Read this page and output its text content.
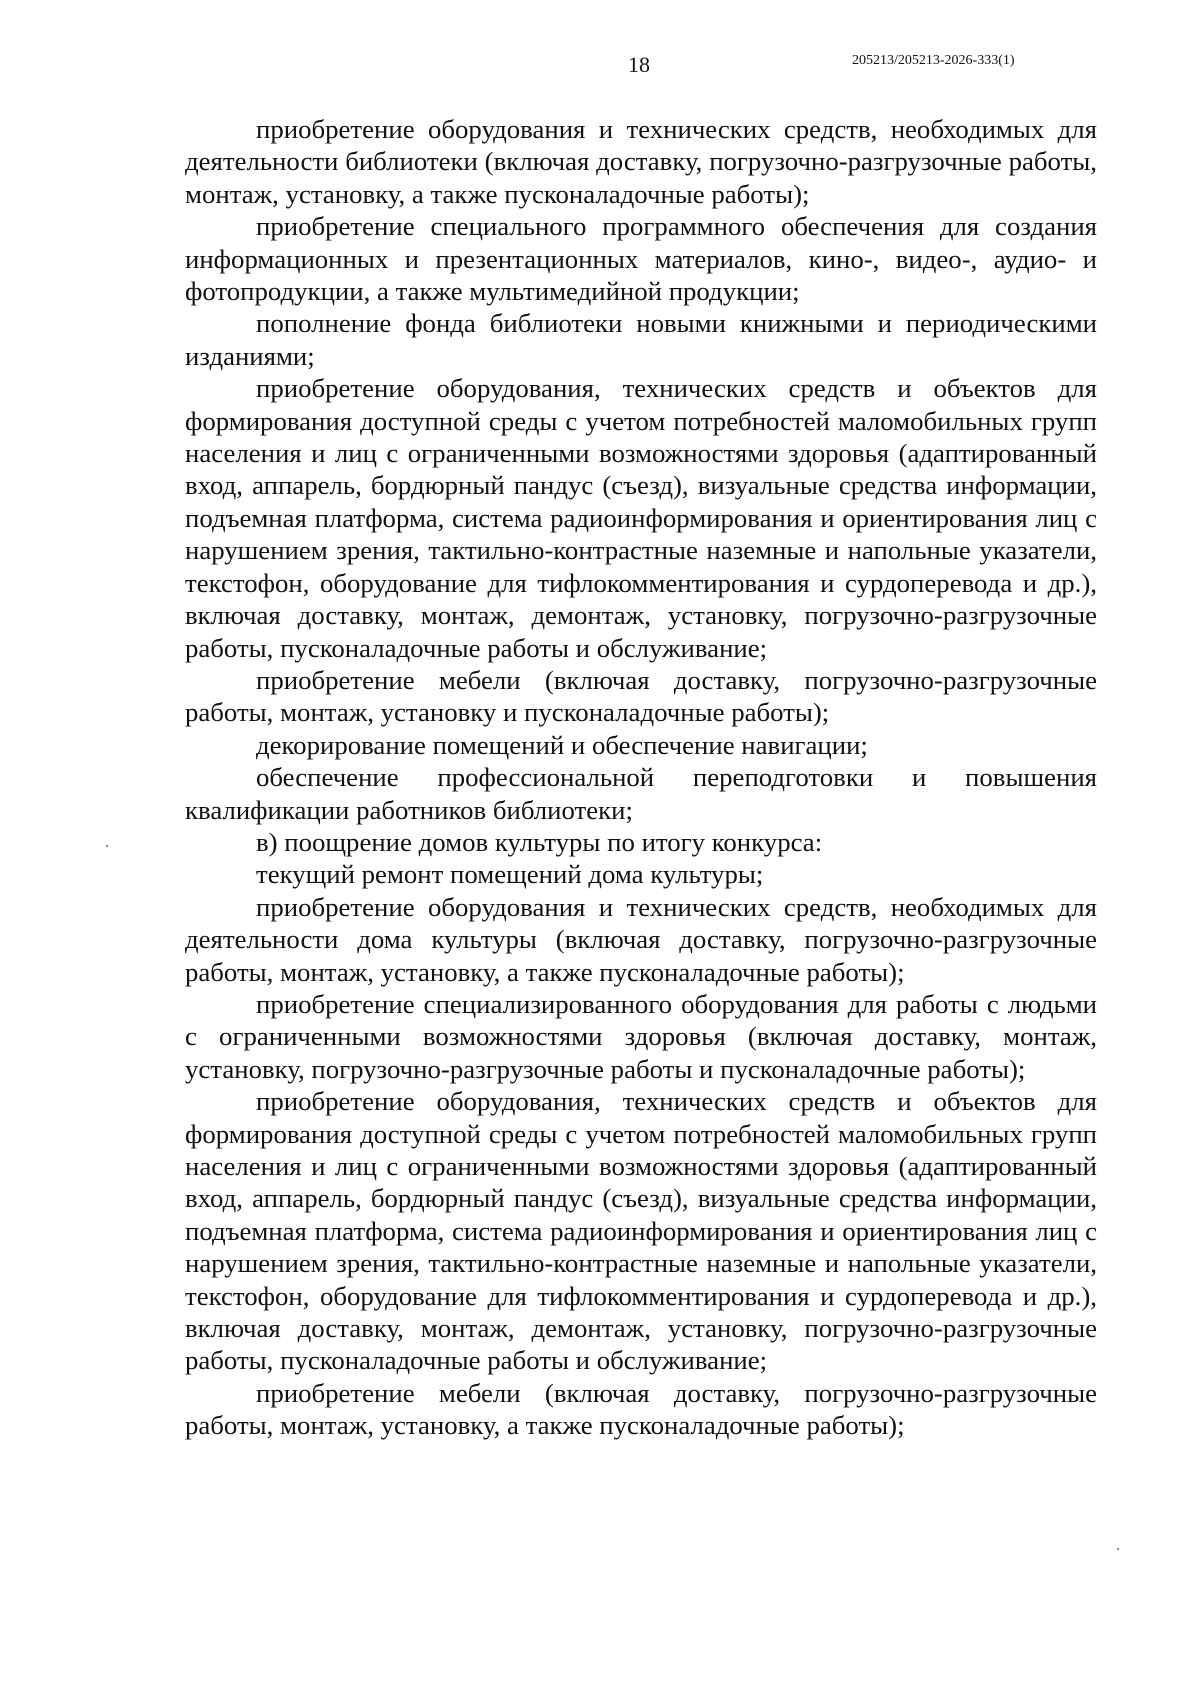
18	205213/205213-2026-333(1)

приобретение оборудования и технических средств, необходимых для деятельности библиотеки (включая доставку, погрузочно-разгрузочные работы, монтаж, установку, а также пусконаладочные работы);

приобретение специального программного обеспечения для создания информационных и презентационных материалов, кино-, видео-, аудио- и фотопродукции, а также мультимедийной продукции;

пополнение фонда библиотеки новыми книжными и периодическими изданиями;

приобретение оборудования, технических средств и объектов для формирования доступной среды с учетом потребностей маломобильных групп населения и лиц с ограниченными возможностями здоровья (адаптированный вход, аппарель, бордюрный пандус (съезд), визуальные средства информации, подъемная платформа, система радиоинформирования и ориентирования лиц с нарушением зрения, тактильно-контрастные наземные и напольные указатели, текстофон, оборудование для тифлокомментирования и сурдоперевода и др.), включая доставку, монтаж, демонтаж, установку, погрузочно-разгрузочные работы, пусконаладочные работы и обслуживание;

приобретение мебели (включая доставку, погрузочно-разгрузочные работы, монтаж, установку и пусконаладочные работы);

декорирование помещений и обеспечение навигации;

обеспечение профессиональной переподготовки и повышения квалификации работников библиотеки;

в) поощрение домов культуры по итогу конкурса:

текущий ремонт помещений дома культуры;

приобретение оборудования и технических средств, необходимых для деятельности дома культуры (включая доставку, погрузочно-разгрузочные работы, монтаж, установку, а также пусконаладочные работы);

приобретение специализированного оборудования для работы с людьми с ограниченными возможностями здоровья (включая доставку, монтаж, установку, погрузочно-разгрузочные работы и пусконаладочные работы);

приобретение оборудования, технических средств и объектов для формирования доступной среды с учетом потребностей маломобильных групп населения и лиц с ограниченными возможностями здоровья (адаптированный вход, аппарель, бордюрный пандус (съезд), визуальные средства информации, подъемная платформа, система радиоинформирования и ориентирования лиц с нарушением зрения, тактильно-контрастные наземные и напольные указатели, текстофон, оборудование для тифлокомментирования и сурдоперевода и др.), включая доставку, монтаж, демонтаж, установку, погрузочно-разгрузочные работы, пусконаладочные работы и обслуживание;

приобретение мебели (включая доставку, погрузочно-разгрузочные работы, монтаж, установку, а также пусконаладочные работы);
